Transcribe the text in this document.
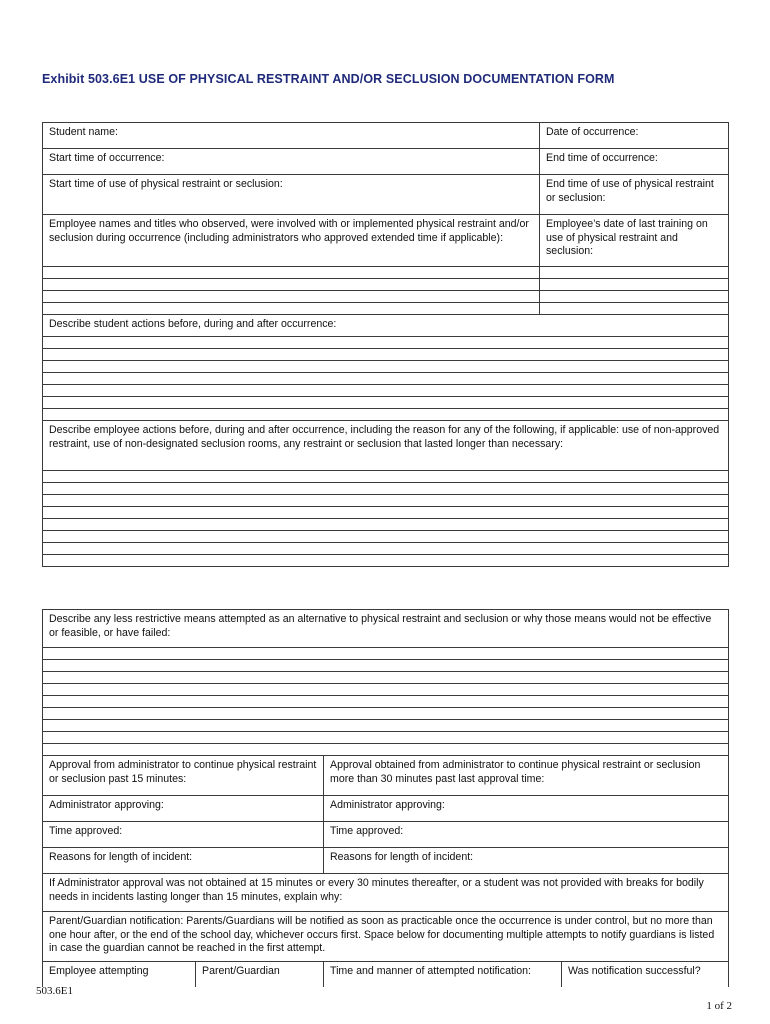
Exhibit 503.6E1 USE OF PHYSICAL RESTRAINT AND/OR SECLUSION DOCUMENTATION FORM
Student name:	Date of occurrence:
Start time of occurrence:	End time of occurrence:
Start time of use of physical restraint or seclusion:	End time of use of physical restraint or seclusion:
Employee names and titles who observed, were involved with or implemented physical restraint and/or seclusion during occurrence (including administrators who approved extended time if applicable):	Employee’s date of last training on use of physical restraint and seclusion:

Describe student actions before, during and after occurrence:	

Describe employee actions before, during and after occurrence, including the reason for any of the following, if applicable: use of non-approved restraint, use of non-designated seclusion rooms, any restraint or seclusion that lasted longer than necessary:	

Describe any less restrictive means attempted as an alternative to physical restraint and seclusion or why those means would not be effective or feasible, or have failed:			

Approval from administrator to continue physical restraint or seclusion past 15 minutes:		Approval obtained from administrator to continue physical restraint or seclusion more than 30 minutes past last approval time:	
Administrator approving:		Administrator approving:	
Time approved:		Time approved:	
Reasons for length of incident:		Reasons for length of incident:	
If Administrator approval was not obtained at 15 minutes or every 30 minutes thereafter, or a student was not provided with breaks for bodily needs in incidents lasting longer than 15 minutes, explain why:			
Parent/Guardian notification: Parents/Guardians will be notified as soon as practicable once the occurrence is under control, but no more than one hour after, or the end of the school day, whichever occurs first. Space below for documenting multiple attempts to notify guardians is listed in case the guardian cannot be reached in the first attempt.			
Employee attempting	Parent/Guardian	Time and manner of attempted notification:	Was notification successful?
503.6E1
1 of 2
